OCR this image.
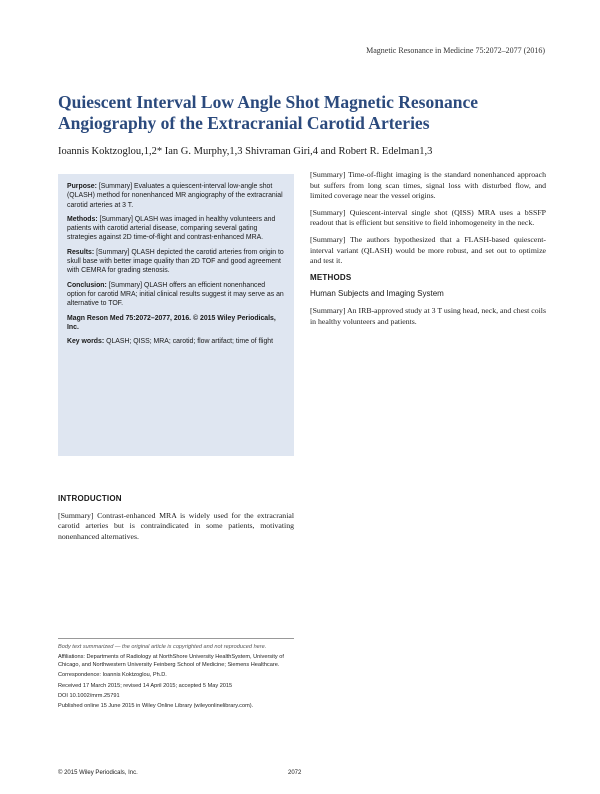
Magnetic Resonance in Medicine 75:2072–2077 (2016)
Quiescent Interval Low Angle Shot Magnetic Resonance Angiography of the Extracranial Carotid Arteries

Ioannis Koktzoglou,1,2* Ian G. Murphy,1,3 Shivraman Giri,4 and Robert R. Edelman1,3

Purpose: [Summary] Evaluates a quiescent-interval low-angle shot (QLASH) method for nonenhanced MR angiography of the extracranial carotid arteries at 3 T.

Methods: [Summary] QLASH was imaged in healthy volunteers and patients with carotid arterial disease, comparing several gating strategies against 2D time-of-flight and contrast-enhanced MRA.

Results: [Summary] QLASH depicted the carotid arteries from origin to skull base with better image quality than 2D TOF and good agreement with CEMRA for grading stenosis.

Conclusion: [Summary] QLASH offers an efficient nonenhanced option for carotid MRA; initial clinical results suggest it may serve as an alternative to TOF.

Magn Reson Med 75:2072–2077, 2016. © 2015 Wiley Periodicals, Inc.

Key words: QLASH; QISS; MRA; carotid; flow artifact; time of flight

[Summary] Time-of-flight imaging is the standard nonenhanced approach but suffers from long scan times, signal loss with disturbed flow, and limited coverage near the vessel origins.

[Summary] Quiescent-interval single shot (QISS) MRA uses a bSSFP readout that is efficient but sensitive to field inhomogeneity in the neck.

[Summary] The authors hypothesized that a FLASH-based quiescent-interval variant (QLASH) would be more robust, and set out to optimize and test it.

METHODS
Human Subjects and Imaging System

[Summary] An IRB-approved study at 3 T using head, neck, and chest coils in healthy volunteers and patients.

INTRODUCTION

[Summary] Contrast-enhanced MRA is widely used for the extracranial carotid arteries but is contraindicated in some patients, motivating nonenhanced alternatives.

Body text summarized — the original article is copyrighted and not reproduced here.

Affiliations: Departments of Radiology at NorthShore University HealthSystem, University of Chicago, and Northwestern University Feinberg School of Medicine; Siemens Healthcare.

Correspondence: Ioannis Koktzoglou, Ph.D.

Received 17 March 2015; revised 14 April 2015; accepted 5 May 2015

DOI 10.1002/mrm.25791

Published online 15 June 2015 in Wiley Online Library (wileyonlinelibrary.com).

© 2015 Wiley Periodicals, Inc.	2072
